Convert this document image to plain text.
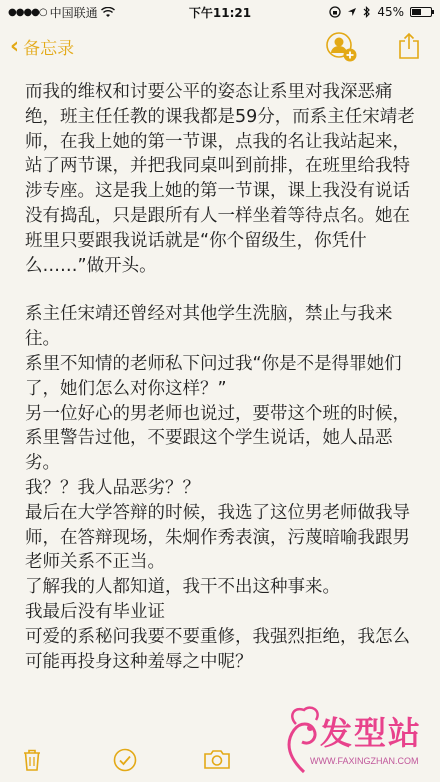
●●●●○ 中国联通	下午11:21	45%
‹ 备忘录

而我的维权和讨要公平的姿态让系里对我深恶痛绝，班主任任教的课我都是59分，而系主任宋靖老师，在我上她的第一节课，点我的名让我站起来，站了两节课，并把我同桌叫到前排，在班里给我特涉专座。这是我上她的第一节课，课上我没有说话没有捣乱，只是跟所有人一样坐着等待点名。她在班里只要跟我说话就是“你个留级生，你凭什么……”做开头。

系主任宋靖还曾经对其他学生洗脑，禁止与我来往。

系里不知情的老师私下问过我“你是不是得罪她们了，她们怎么对你这样？”

另一位好心的男老师也说过，要带这个班的时候，系里警告过他，不要跟这个学生说话，她人品恶劣。

我？？我人品恶劣？？

最后在大学答辩的时候，我选了这位男老师做我导师，在答辩现场，朱炯作秀表演，污蔑暗喻我跟男老师关系不正当。

了解我的人都知道，我干不出这种事来。

我最后没有毕业证

可爱的系秘问我要不要重修，我强烈拒绝，我怎么可能再投身这种羞辱之中呢？

发型站
WWW.FAXINGZHAN.COM
